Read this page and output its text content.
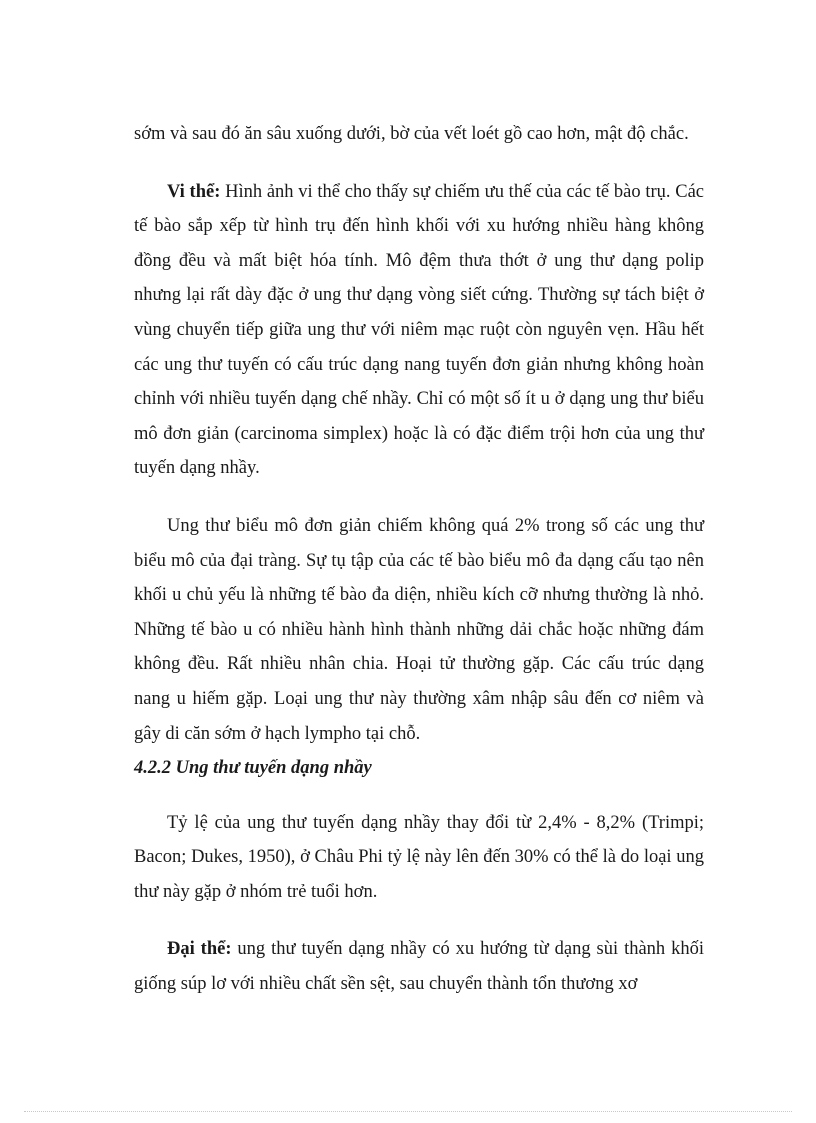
sớm và sau đó ăn sâu xuống dưới, bờ của vết loét gồ cao hơn, mật độ chắc.

Vi thể: Hình ảnh vi thể cho thấy sự chiếm ưu thế của các tế bào trụ. Các tế bào sắp xếp từ hình trụ đến hình khối với xu hướng nhiều hàng không đồng đều và mất biệt hóa tính. Mô đệm thưa thớt ở ung thư dạng polip nhưng lại rất dày đặc ở ung thư dạng vòng siết cứng. Thường sự tách biệt ở vùng chuyển tiếp giữa ung thư với niêm mạc ruột còn nguyên vẹn. Hầu hết các ung thư tuyến có cấu trúc dạng nang tuyến đơn giản nhưng không hoàn chỉnh với nhiều tuyến dạng chế nhầy. Chỉ có một số ít u ở dạng ung thư biểu mô đơn giản (carcinoma simplex) hoặc là có đặc điểm trội hơn của ung thư tuyến dạng nhầy.

Ung thư biểu mô đơn giản chiếm không quá 2% trong số các ung thư biểu mô của đại tràng. Sự tụ tập của các tế bào biểu mô đa dạng cấu tạo nên khối u chủ yếu là những tế bào đa diện, nhiều kích cỡ nhưng thường là nhỏ. Những tế bào u có nhiều hành hình thành những dải chắc hoặc những đám không đều. Rất nhiều nhân chia. Hoại tử thường gặp. Các cấu trúc dạng nang u hiếm gặp. Loại ung thư này thường xâm nhập sâu đến cơ niêm và gây di căn sớm ở hạch lympho tại chỗ.

4.2.2 Ung thư tuyến dạng nhầy

Tỷ lệ của ung thư tuyến dạng nhầy thay đổi từ 2,4% - 8,2% (Trimpi; Bacon; Dukes, 1950), ở Châu Phi tỷ lệ này lên đến 30% có thể là do loại ung thư này gặp ở nhóm trẻ tuổi hơn.

Đại thể: ung thư tuyến dạng nhầy có xu hướng từ dạng sùi thành khối giống súp lơ với nhiều chất sền sệt, sau chuyển thành tổn thương xơ
